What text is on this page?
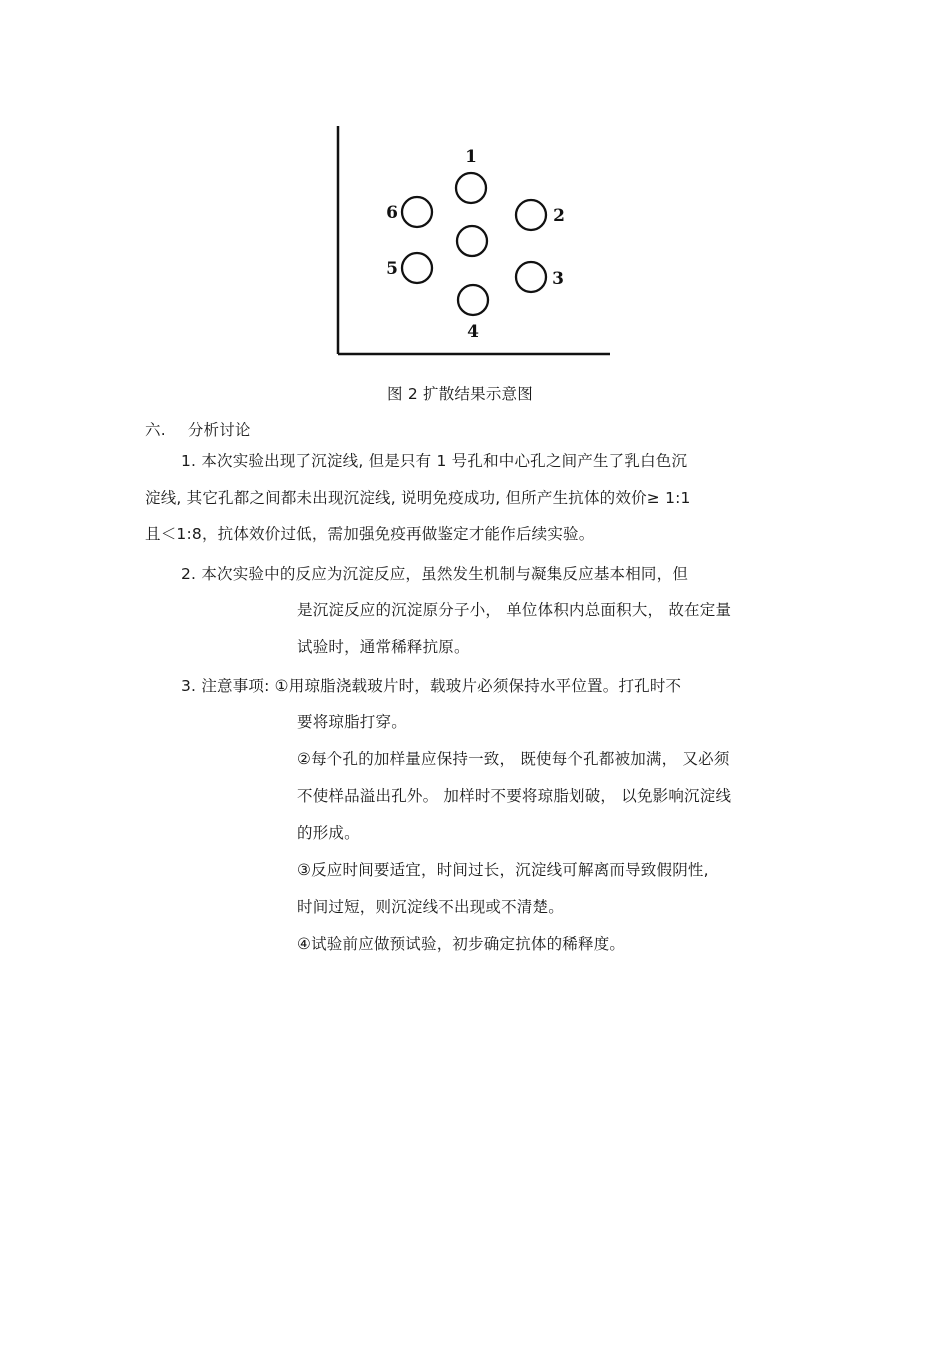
1
2
3
4
5
6
图 2 扩散结果示意图
六. 分析讨论
1. 本次实验出现了沉淀线, 但是只有 1 号孔和中心孔之间产生了乳白色沉
淀线, 其它孔都之间都未出现沉淀线, 说明免疫成功, 但所产生抗体的效价≥ 1:1
且＜1:8，抗体效价过低，需加强免疫再做鉴定才能作后续实验。
2. 本次实验中的反应为沉淀反应，虽然发生机制与凝集反应基本相同，但
是沉淀反应的沉淀原分子小， 单位体积内总面积大， 故在定量
试验时，通常稀释抗原。
3. 注意事项: ①用琼脂浇载玻片时，载玻片必须保持水平位置。打孔时不
要将琼脂打穿。
②每个孔的加样量应保持一致， 既使每个孔都被加满， 又必须
不使样品溢出孔外。 加样时不要将琼脂划破， 以免影响沉淀线
的形成。
③反应时间要适宜，时间过长，沉淀线可解离而导致假阴性,
时间过短，则沉淀线不出现或不清楚。
④试验前应做预试验，初步确定抗体的稀释度。
